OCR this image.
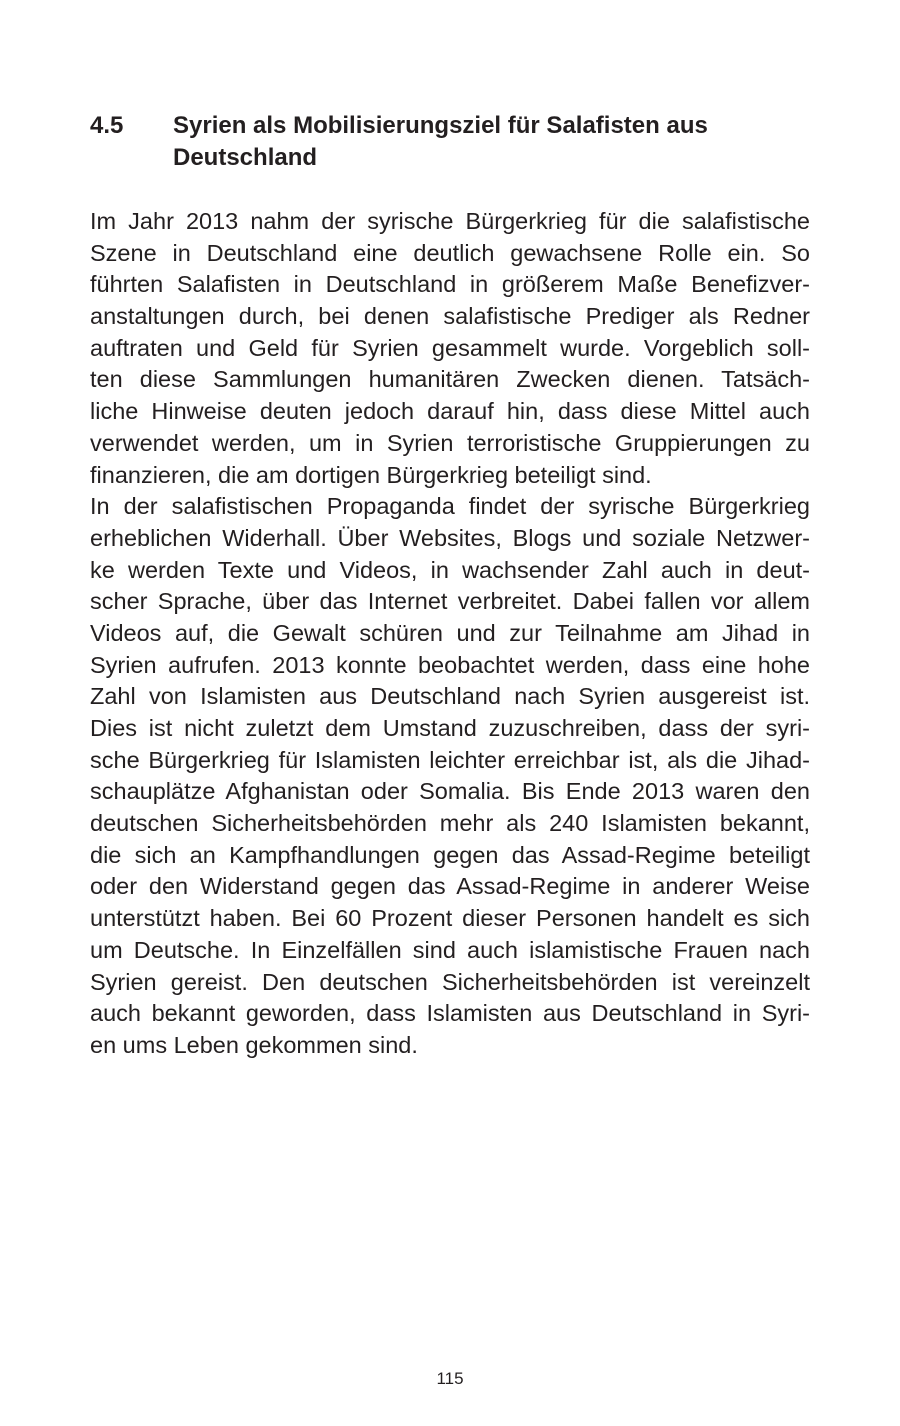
4.5	Syrien als Mobilisierungsziel für Salafisten aus
Deutschland
Im Jahr 2013 nahm der syrische Bürgerkrieg für die salafistische
Szene in Deutschland eine deutlich gewachsene Rolle ein. So
führten Salafisten in Deutschland in größerem Maße Benefizver-
anstaltungen durch, bei denen salafistische Prediger als Redner
auftraten und Geld für Syrien gesammelt wurde. Vorgeblich soll-
ten diese Sammlungen humanitären Zwecken dienen. Tatsäch-
liche Hinweise deuten jedoch darauf hin, dass diese Mittel auch
verwendet werden, um in Syrien terroristische Gruppierungen zu
finanzieren, die am dortigen Bürgerkrieg beteiligt sind.
In der salafistischen Propaganda findet der syrische Bürgerkrieg
erheblichen Widerhall. Über Websites, Blogs und soziale Netzwer-
ke werden Texte und Videos, in wachsender Zahl auch in deut-
scher Sprache, über das Internet verbreitet. Dabei fallen vor allem
Videos auf, die Gewalt schüren und zur Teilnahme am Jihad in
Syrien aufrufen. 2013 konnte beobachtet werden, dass eine hohe
Zahl von Islamisten aus Deutschland nach Syrien ausgereist ist.
Dies ist nicht zuletzt dem Umstand zuzuschreiben, dass der syri-
sche Bürgerkrieg für Islamisten leichter erreichbar ist, als die Jihad-
schauplätze Afghanistan oder Somalia. Bis Ende 2013 waren den
deutschen Sicherheitsbehörden mehr als 240 Islamisten bekannt,
die sich an Kampfhandlungen gegen das Assad-Regime beteiligt
oder den Widerstand gegen das Assad-Regime in anderer Weise
unterstützt haben. Bei 60 Prozent dieser Personen handelt es sich
um Deutsche. In Einzelfällen sind auch islamistische Frauen nach
Syrien gereist. Den deutschen Sicherheitsbehörden ist vereinzelt
auch bekannt geworden, dass Islamisten aus Deutschland in Syri-
en ums Leben gekommen sind.
115
